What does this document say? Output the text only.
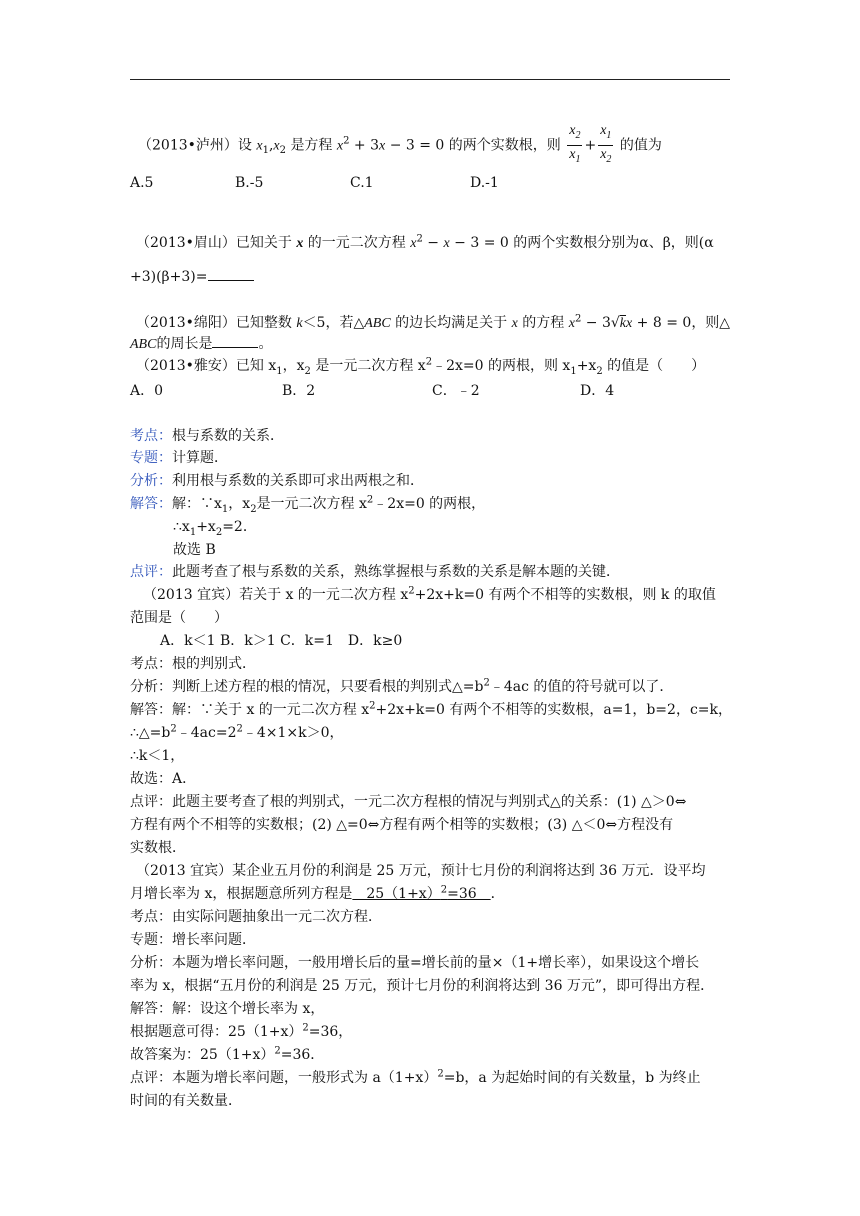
（2013•泸州）设 $x_1,x_2$ 是方程 $x^2 + 3x - 3 = 0$ 的两个实数根，则 $\frac{x_2}{x_1} + \frac{x_1}{x_2}$ 的值为
A.5	B.-5	C.1	D.-1
（2013•眉山）已知关于 x 的一元二次方程 $x^2 - x - 3 = 0$ 的两个实数根分别为α、β，则(α
+3)(β+3)=
（2013•绵阳）已知整数 k＜5，若△ABC 的边长均满足关于 x 的方程 $x^2 - 3√kx + 8 = 0$，则△
ABC的周长是	。
（2013•雅安）已知 $x_1$，$x_2$ 是一元二次方程 $x^2﹣2x=0$ 的两根，则 $x_1+x_2$ 的值是（　　）
A．0	B．2	C．﹣2	D．4
考点：根与系数的关系．
专题：计算题．
分析：利用根与系数的关系即可求出两根之和．
解答：解：$\because x_1$，$x_2$是一元二次方程 $x^2﹣2x=0$ 的两根，
$\therefore x_1+x_2=2$．
故选 B
点评：此题考查了根与系数的关系，熟练掌握根与系数的关系是解本题的关键．
（2013 宜宾）若关于 x 的一元二次方程 $x^2+2x+k=0$ 有两个不相等的实数根，则 k 的取值
范围是（　　）
A．k＜1 B．k＞1 C．k=1　D．k≥0
考点：根的判别式．
分析：判断上述方程的根的情况，只要看根的判别式$\triangle=b^2﹣4ac$ 的值的符号就可以了．
解答：解：∵关于 x 的一元二次方程 $x^2+2x+k=0$ 有两个不相等的实数根，a=1，b=2，c=k，
$\therefore\triangle=b^2﹣4ac=2^2﹣4\times 1\times k>0$，
∴k＜1，
故选：A．
点评：此题主要考查了根的判别式，一元二次方程根的情况与判别式△的关系：(1) △＞0⇔
方程有两个不相等的实数根；(2) △=0⇔方程有两个相等的实数根；(3) △＜0⇔方程没有
实数根．
（2013 宜宾）某企业五月份的利润是 25 万元，预计七月份的利润将达到 36 万元．设平均
月增长率为 x，根据题意所列方程是　$25(1+x)^2=36$　．
考点：由实际问题抽象出一元二次方程．
专题：增长率问题．
分析：本题为增长率问题，一般用增长后的量=增长前的量×（1+增长率），如果设这个增长
率为 x，根据“五月份的利润是 25 万元，预计七月份的利润将达到 36 万元”，即可得出方程．
解答：解：设这个增长率为 x，
根据题意可得：$25(1+x)^2=36$，
故答案为：$25(1+x)^2=36$．
点评：本题为增长率问题，一般形式为 $a(1+x)^2=b$，a 为起始时间的有关数量，b 为终止
时间的有关数量．
